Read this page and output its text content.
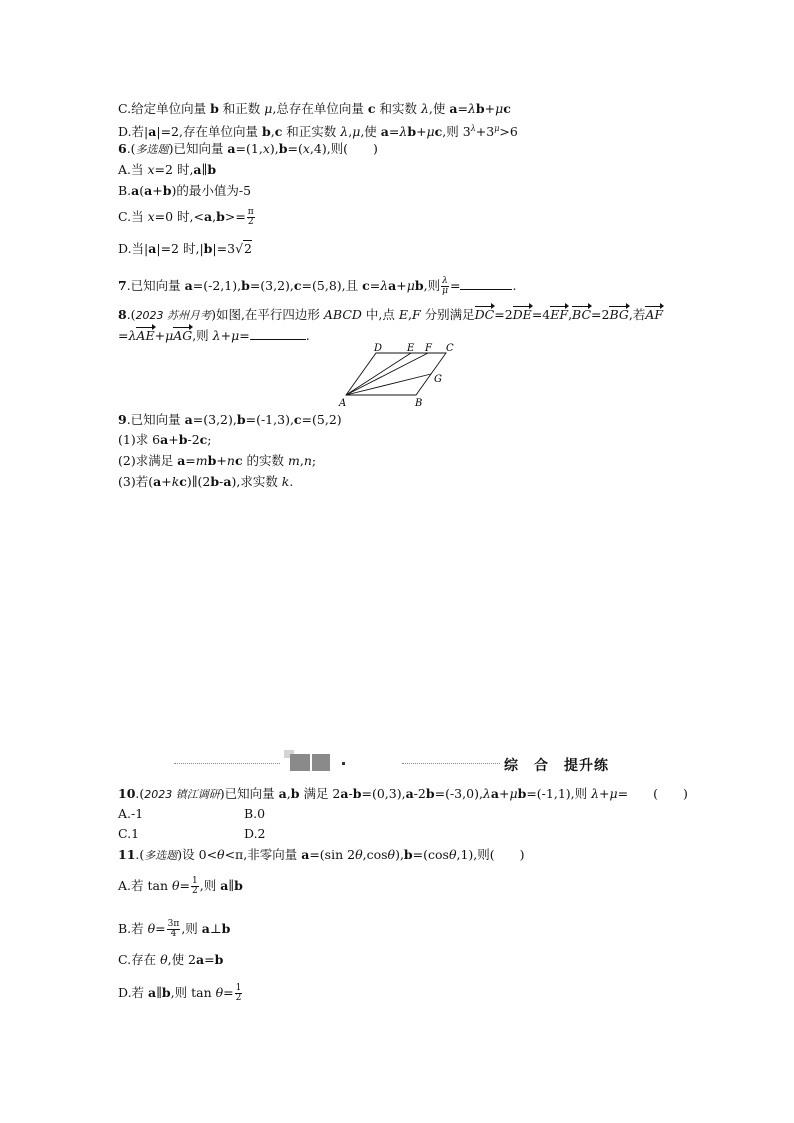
C.给定单位向量 b 和正数 μ,总存在单位向量 c 和实数 λ,使 a=λb+μc
D.若|a|=2,存在单位向量 b,c 和正实数 λ,μ,使 a=λb+μc,则 $3^\lambda+3^\mu>6$
6.(多选题)已知向量 a=(1,x),b=(x,4),则(　　)
A.当 x=2 时,a∥b
B.a(a+b)的最小值为-5
C.当 x=0 时$,<a,b>= \frac{\pi}{2}$
D.当|a|=2 时,|b|=3√2
7.已知向量 a=(-2,1),b=(3,2),c=(5,8),且 c=λa+μb,则 $\frac{\lambda}{\mu}$ =	.
8.(2023 苏州月考)如图,在平行四边形 ABCD 中,点 E,F 分别满足DC=2DE=4EF,BC=2BG,若AF
=λAE+μAG,则 λ+μ=	.
A	B
C
D E F
G
9.已知向量 a=(3,2),b=(-1,3),c=(5,2)
(1)求 6a+b-2c;
(2)求满足 a=mb+nc 的实数 m,n;
(3)若(a+kc)∥(2b-a),求实数 k.
综　合　提升练
10.(2023 镇江调研)已知向量 a,b 满足 2a-b=(0,3),a-2b=(-3,0),λa+μb=(-1,1),则 λ+μ=　　(　　)
A.-1	B.0
C.1	D.2
11.(多选题)设 0<θ<π,非零向量 a=(sin 2θ,cosθ),b=(cosθ,1),则(　　)
A.若 $\tan \theta= \frac{1}{2}$ ,则 a∥b
B.若 $\theta= \frac{3\pi}{4}$ ,则 a⊥b
C.存在 θ,使 2a=b
D.若 a∥b,则 $\tan \theta= \frac{1}{2}$
